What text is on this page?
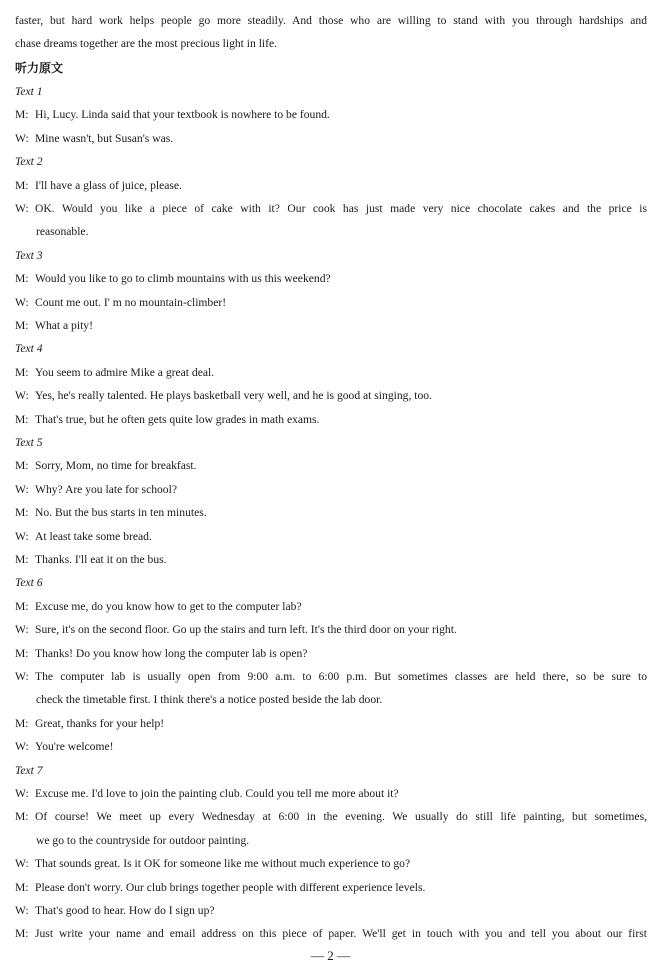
faster, but hard work helps people go more steadily. And those who are willing to stand with you through hardships and
chase dreams together are the most precious light in life.
听力原文
Text 1
M: Hi, Lucy. Linda said that your textbook is nowhere to be found.
W: Mine wasn't, but Susan's was.
Text 2
M: I'll have a glass of juice, please.
W: OK. Would you like a piece of cake with it? Our cook has just made very nice chocolate cakes and the price is
reasonable.
Text 3
M: Would you like to go to climb mountains with us this weekend?
W: Count me out. I' m no mountain-climber!
M: What a pity!
Text 4
M: You seem to admire Mike a great deal.
W: Yes, he's really talented. He plays basketball very well, and he is good at singing, too.
M: That's true, but he often gets quite low grades in math exams.
Text 5
M: Sorry, Mom, no time for breakfast.
W: Why? Are you late for school?
M: No. But the bus starts in ten minutes.
W: At least take some bread.
M: Thanks. I'll eat it on the bus.
Text 6
M: Excuse me, do you know how to get to the computer lab?
W: Sure, it's on the second floor. Go up the stairs and turn left. It's the third door on your right.
M: Thanks! Do you know how long the computer lab is open?
W: The computer lab is usually open from 9:00 a.m. to 6:00 p.m. But sometimes classes are held there, so be sure to
check the timetable first. I think there's a notice posted beside the lab door.
M: Great, thanks for your help!
W: You're welcome!
Text 7
W: Excuse me. I'd love to join the painting club. Could you tell me more about it?
M: Of course! We meet up every Wednesday at 6:00 in the evening. We usually do still life painting, but sometimes,
we go to the countryside for outdoor painting.
W: That sounds great. Is it OK for someone like me without much experience to go?
M: Please don't worry. Our club brings together people with different experience levels.
W: That's good to hear. How do I sign up?
M: Just write your name and email address on this piece of paper. We'll get in touch with you and tell you about our first
— 2 —
